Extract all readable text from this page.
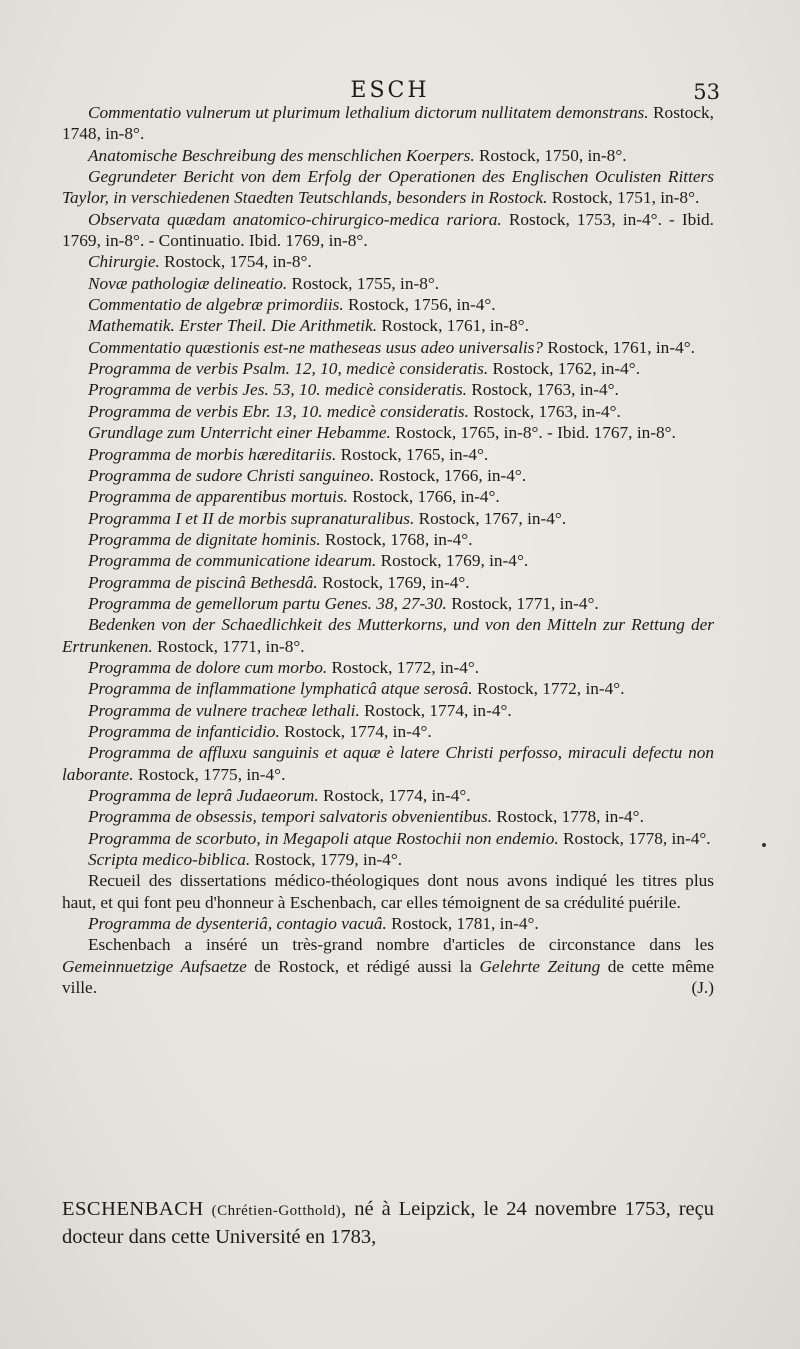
ESCH	53
Commentatio vulnerum ut plurimum lethalium dictorum nullitatem demonstrans. Rostock, 1748, in-8°.
Anatomische Beschreibung des menschlichen Koerpers. Rostock, 1750, in-8°.
Gegrundeter Bericht von dem Erfolg der Operationen des Englischen Oculisten Ritters Taylor, in verschiedenen Staedten Teutschlands, besonders in Rostock. Rostock, 1751, in-8°.
Observata quædam anatomico-chirurgico-medica rariora. Rostock, 1753, in-4°. - Ibid. 1769, in-8°. - Continuatio. Ibid. 1769, in-8°.
Chirurgie. Rostock, 1754, in-8°.
Novæ pathologiæ delineatio. Rostock, 1755, in-8°.
Commentatio de algebræ primordiis. Rostock, 1756, in-4°.
Mathematik. Erster Theil. Die Arithmetik. Rostock, 1761, in-8°.
Commentatio quæstionis est-ne matheseas usus adeo universalis? Rostock, 1761, in-4°.
Programma de verbis Psalm. 12, 10, medicè consideratis. Rostock, 1762, in-4°.
Programma de verbis Jes. 53, 10. medicè consideratis. Rostock, 1763, in-4°.
Programma de verbis Ebr. 13, 10. medicè consideratis. Rostock, 1763, in-4°.
Grundlage zum Unterricht einer Hebamme. Rostock, 1765, in-8°. - Ibid. 1767, in-8°.
Programma de morbis hæreditariis. Rostock, 1765, in-4°.
Programma de sudore Christi sanguineo. Rostock, 1766, in-4°.
Programma de apparentibus mortuis. Rostock, 1766, in-4°.
Programma I et II de morbis supranaturalibus. Rostock, 1767, in-4°.
Programma de dignitate hominis. Rostock, 1768, in-4°.
Programma de communicatione idearum. Rostock, 1769, in-4°.
Programma de piscinâ Bethesdâ. Rostock, 1769, in-4°.
Programma de gemellorum partu Genes. 38, 27-30. Rostock, 1771, in-4°.
Bedenken von der Schaedlichkeit des Mutterkorns, und von den Mitteln zur Rettung der Ertrunkenen. Rostock, 1771, in-8°.
Programma de dolore cum morbo. Rostock, 1772, in-4°.
Programma de inflammatione lymphaticâ atque serosâ. Rostock, 1772, in-4°.
Programma de vulnere tracheæ lethali. Rostock, 1774, in-4°.
Programma de infanticidio. Rostock, 1774, in-4°.
Programma de affluxu sanguinis et aquæ è latere Christi perfosso, miraculi defectu non laborante. Rostock, 1775, in-4°.
Programma de leprâ Judaeorum. Rostock, 1774, in-4°.
Programma de obsessis, tempori salvatoris obvenientibus. Rostock, 1778, in-4°.
Programma de scorbuto, in Megapoli atque Rostochii non endemio. Rostock, 1778, in-4°.
Scripta medico-biblica. Rostock, 1779, in-4°.
Recueil des dissertations médico-théologiques dont nous avons indiqué les titres plus haut, et qui font peu d'honneur à Eschenbach, car elles témoignent de sa crédulité puérile.
Programma de dysenteriâ, contagio vacuâ. Rostock, 1781, in-4°.
Eschenbach a inséré un très-grand nombre d'articles de circonstance dans les Gemeinnuetzige Aufsaetze de Rostock, et rédigé aussi la Gelehrte Zeitung de cette même ville.	(J.)
ESCHENBACH (Chrétien-Gotthold), né à Leipzick, le 24 novembre 1753, reçu docteur dans cette Université en 1783,
